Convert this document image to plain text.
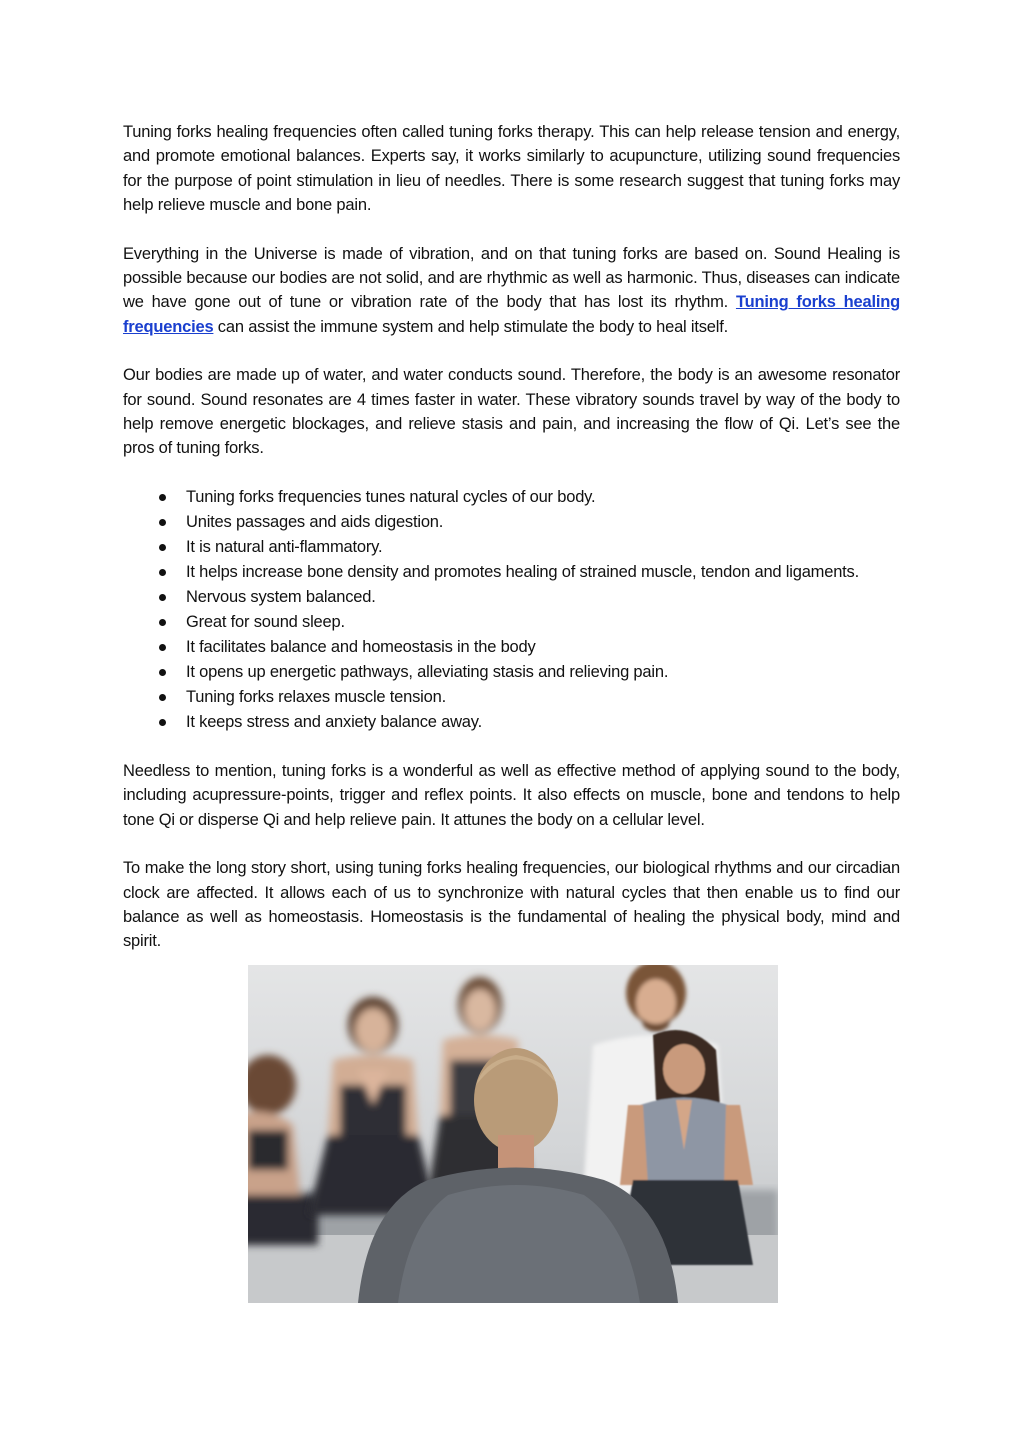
Tuning forks healing frequencies often called tuning forks therapy. This can help release tension and energy, and promote emotional balances. Experts say, it works similarly to acupuncture, utilizing sound frequencies for the purpose of point stimulation in lieu of needles. There is some research suggest that tuning forks may help relieve muscle and bone pain.

Everything in the Universe is made of vibration, and on that tuning forks are based on. Sound Healing is possible because our bodies are not solid, and are rhythmic as well as harmonic. Thus, diseases can indicate we have gone out of tune or vibration rate of the body that has lost its rhythm. Tuning forks healing frequencies can assist the immune system and help stimulate the body to heal itself.

Our bodies are made up of water, and water conducts sound. Therefore, the body is an awesome resonator for sound. Sound resonates are 4 times faster in water. These vibratory sounds travel by way of the body to help remove energetic blockages, and relieve stasis and pain, and increasing the flow of Qi. Let’s see the pros of tuning forks.

Tuning forks frequencies tunes natural cycles of our body.
Unites passages and aids digestion.
It is natural anti-flammatory.
It helps increase bone density and promotes healing of strained muscle, tendon and ligaments.
Nervous system balanced.
Great for sound sleep.
It facilitates balance and homeostasis in the body
It opens up energetic pathways, alleviating stasis and relieving pain.
Tuning forks relaxes muscle tension.
It keeps stress and anxiety balance away.

Needless to mention, tuning forks is a wonderful as well as effective method of applying sound to the body, including acupressure-points, trigger and reflex points. It also effects on muscle, bone and tendons to help tone Qi or disperse Qi and help relieve pain. It attunes the body on a cellular level.

To make the long story short, using tuning forks healing frequencies, our biological rhythms and our circadian clock are affected. It allows each of us to synchronize with natural cycles that then enable us to find our balance as well as homeostasis. Homeostasis is the fundamental of healing the physical body, mind and spirit.
